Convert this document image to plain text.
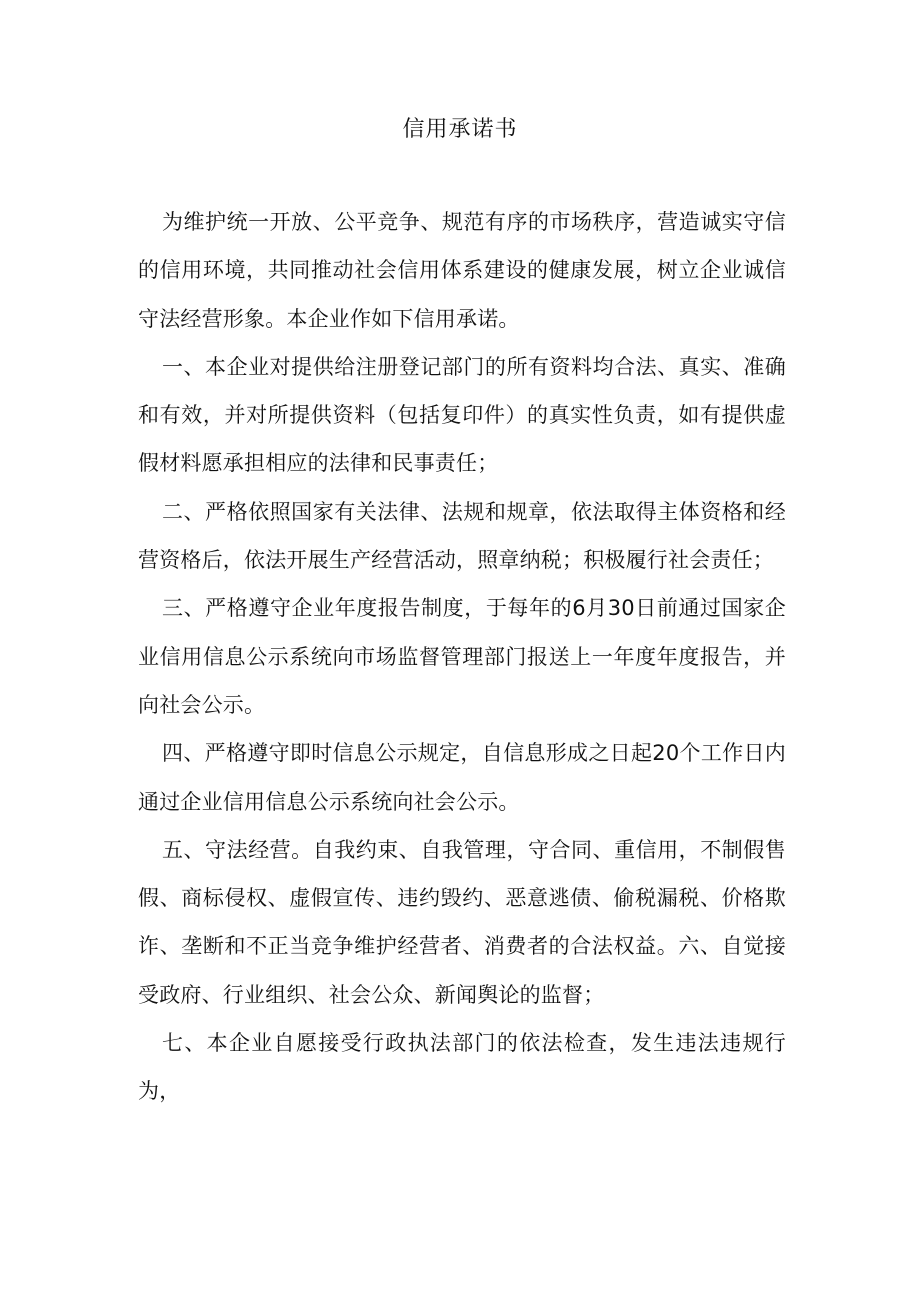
信用承诺书

为维护统一开放、公平竞争、规范有序的市场秩序，营造诚实守信的信用环境，共同推动社会信用体系建设的健康发展，树立企业诚信守法经营形象。本企业作如下信用承诺。

一、本企业对提供给注册登记部门的所有资料均合法、真实、准确和有效，并对所提供资料（包括复印件）的真实性负责，如有提供虚假材料愿承担相应的法律和民事责任；

二、严格依照国家有关法律、法规和规章，依法取得主体资格和经营资格后，依法开展生产经营活动，照章纳税；积极履行社会责任；

三、严格遵守企业年度报告制度，于每年的6月30日前通过国家企业信用信息公示系统向市场监督管理部门报送上一年度年度报告，并向社会公示。

四、严格遵守即时信息公示规定，自信息形成之日起20个工作日内通过企业信用信息公示系统向社会公示。

五、守法经营。自我约束、自我管理，守合同、重信用，不制假售假、商标侵权、虚假宣传、违约毁约、恶意逃债、偷税漏税、价格欺诈、垄断和不正当竞争维护经营者、消费者的合法权益。六、自觉接受政府、行业组织、社会公众、新闻舆论的监督；

七、本企业自愿接受行政执法部门的依法检查，发生违法违规行为，
